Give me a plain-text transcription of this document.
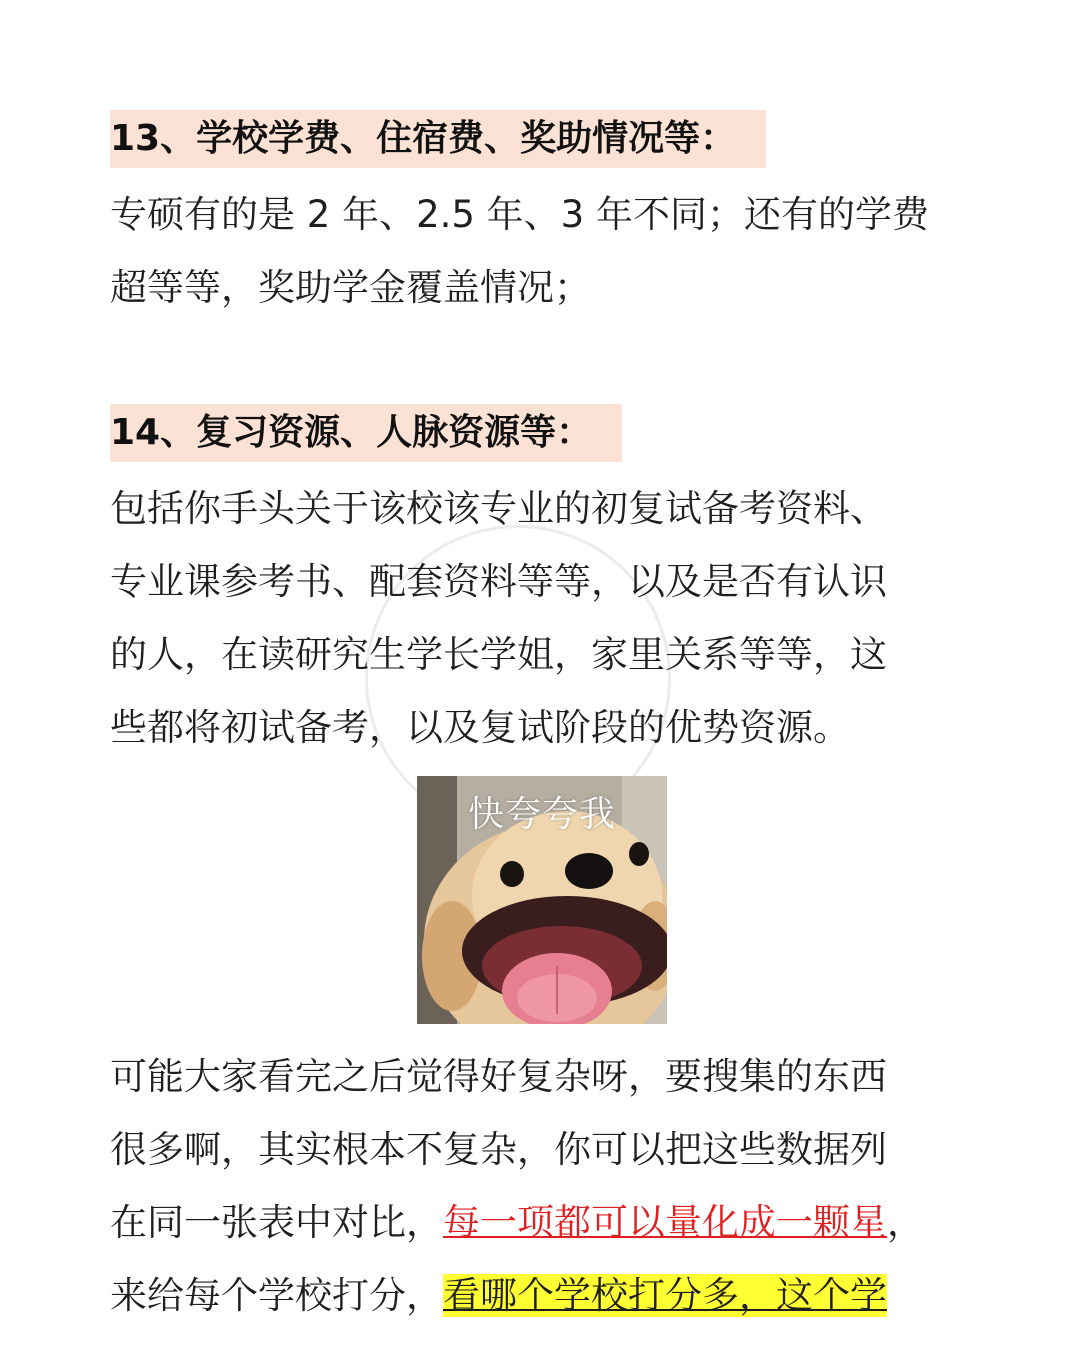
13、学校学费、住宿费、奖助情况等：
专硕有的是 2 年、2.5 年、3 年不同；还有的学费
超等等，奖助学金覆盖情况；
14、复习资源、人脉资源等：
包括你手头关于该校该专业的初复试备考资料、
专业课参考书、配套资料等等，以及是否有认识
的人，在读研究生学长学姐，家里关系等等，这
些都将初试备考，以及复试阶段的优势资源。
快夸夸我
可能大家看完之后觉得好复杂呀，要搜集的东西
很多啊，其实根本不复杂，你可以把这些数据列
在同一张表中对比，每一项都可以量化成一颗星，
来给每个学校打分，看哪个学校打分多，这个学
